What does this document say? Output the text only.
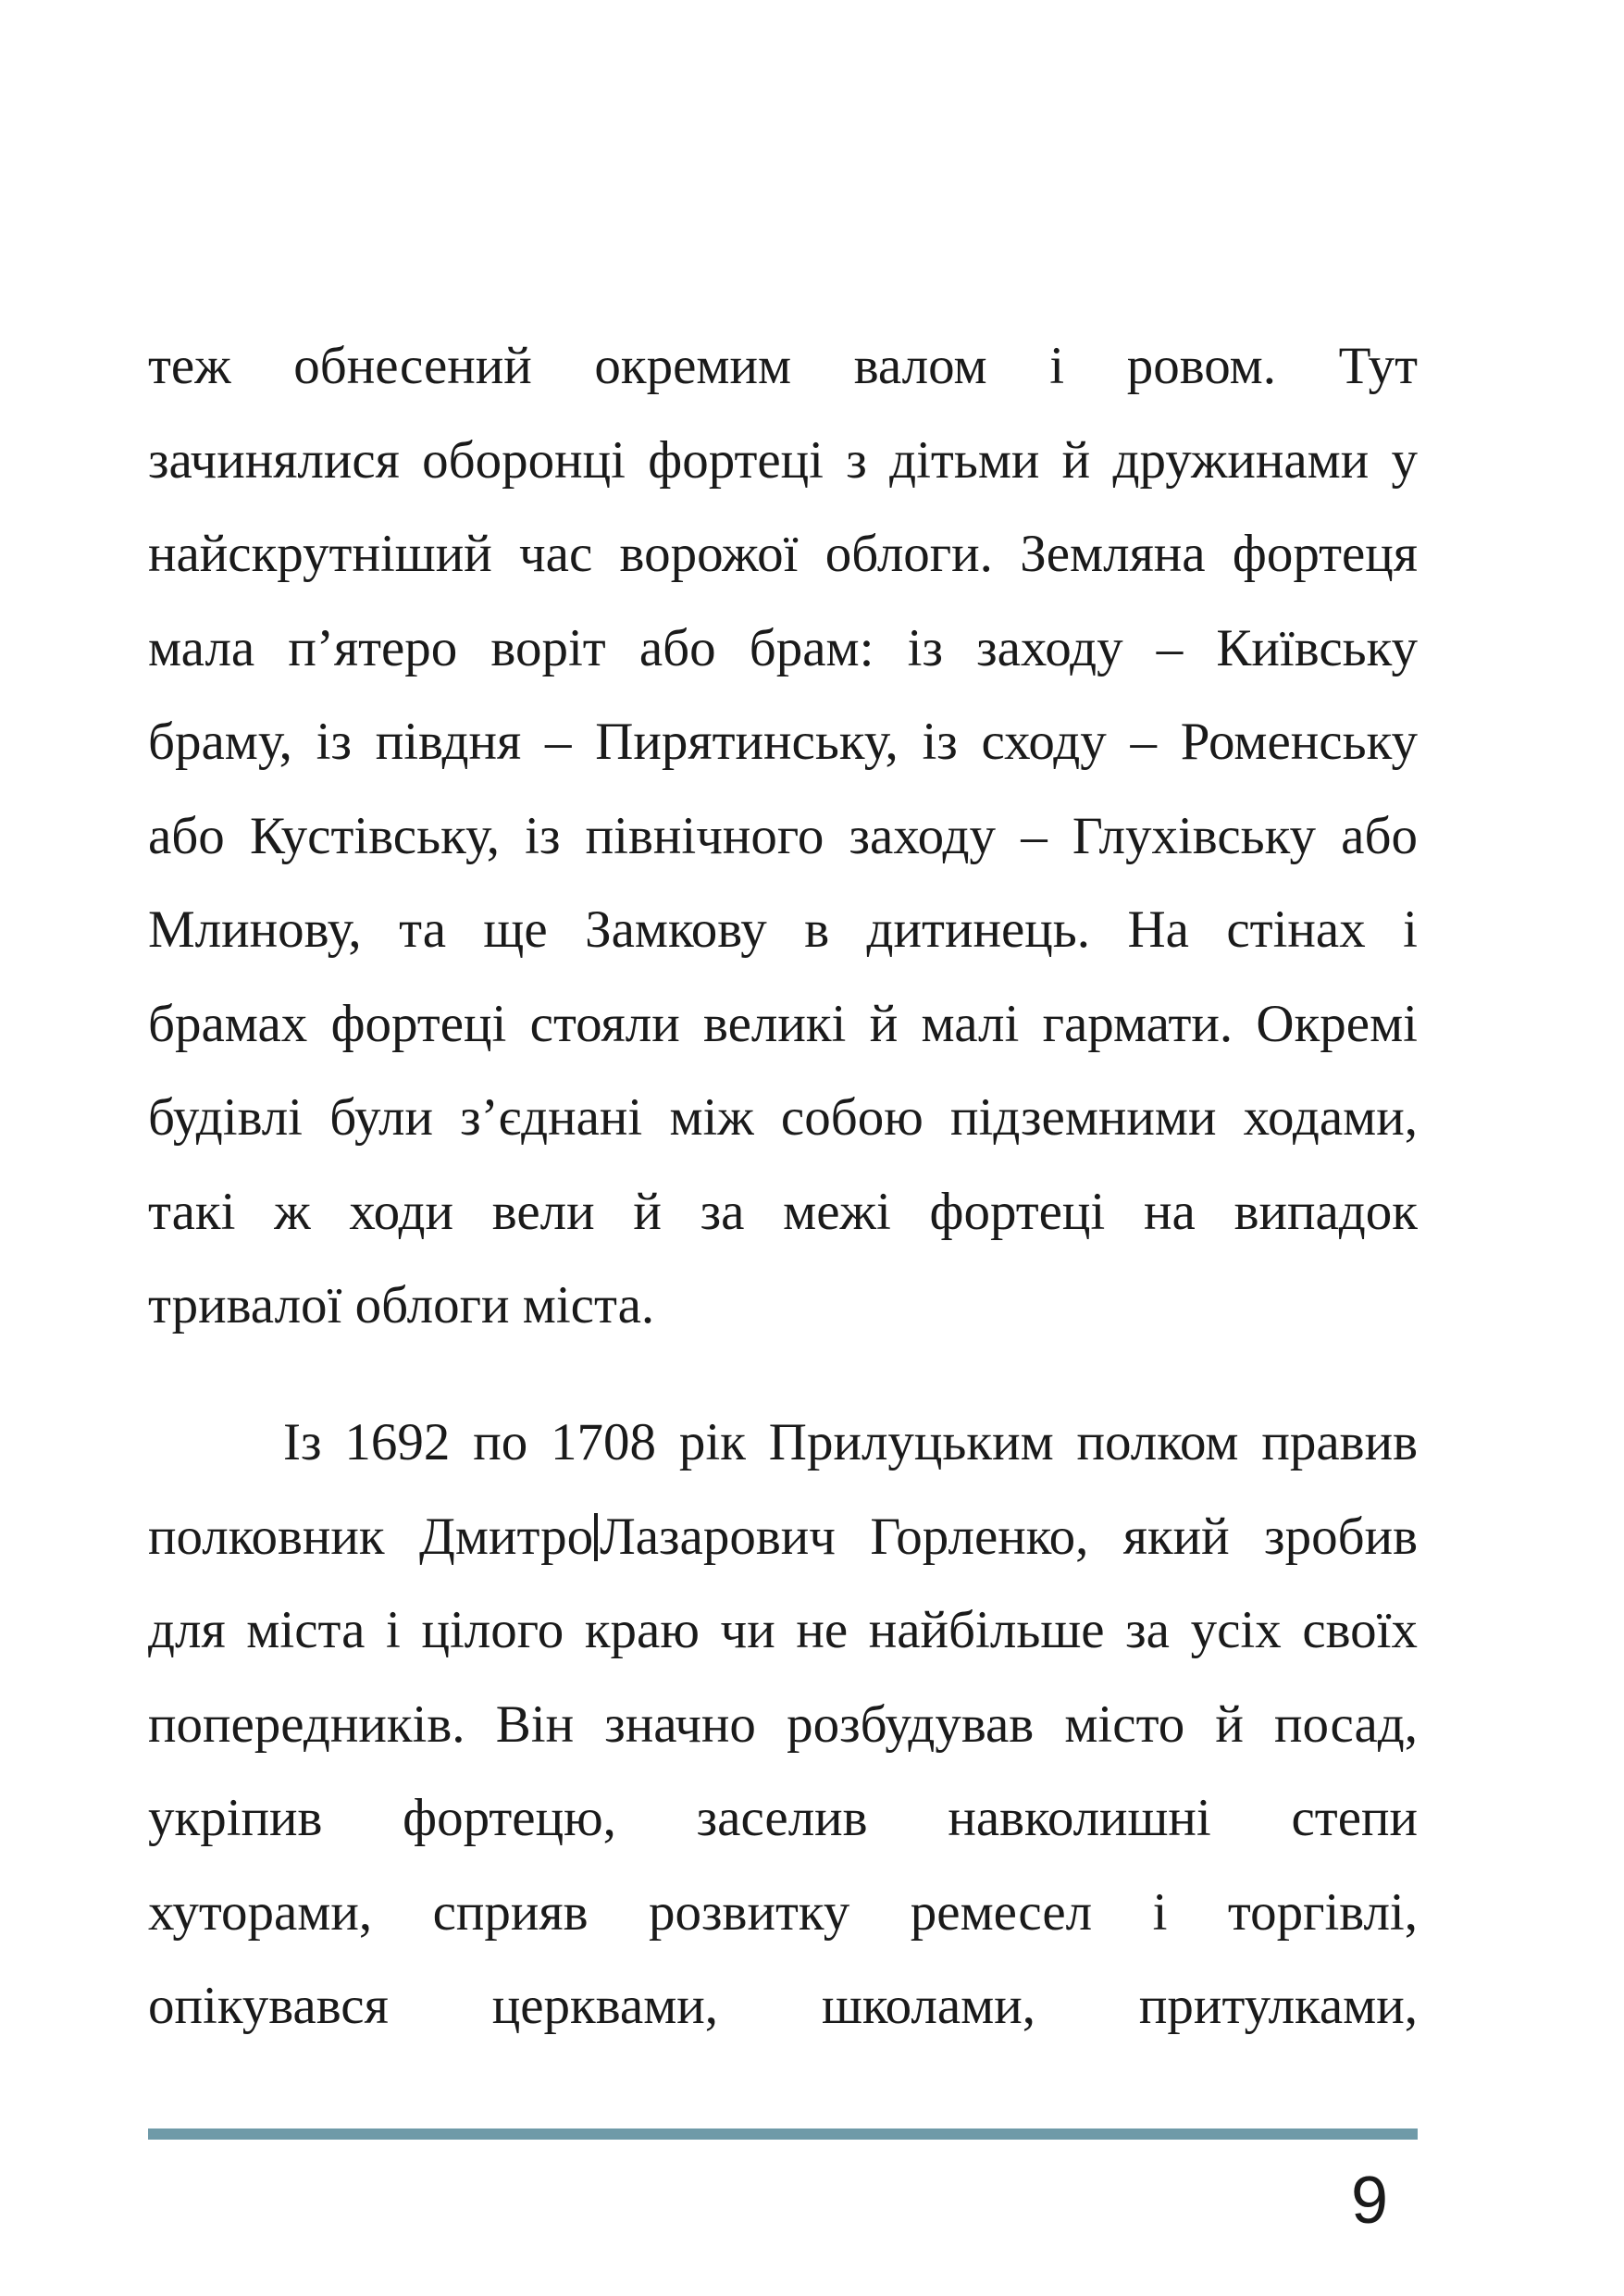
теж обнесений окремим валом і ровом. Тут
зачинялися оборонці фортеці з дітьми й дружинами у
найскрутніший час ворожої облоги. Земляна фортеця
мала п’ятеро воріт або брам: із заходу – Київську
браму, із півдня – Пирятинську, із сходу – Роменську
або Кустівську, із північного заходу – Глухівську або
Млинову, та ще Замкову в дитинець. На стінах і
брамах фортеці стояли великі й малі гармати. Окремі
будівлі були з’єднані між собою підземними ходами,
такі ж ходи вели й за межі фортеці на випадок
тривалої облоги міста.
Із 1692 по 1708 рік Прилуцьким полком правив
полковник Дмитро Лазарович Горленко, який зробив
для міста і цілого краю чи не найбільше за усіх своїх
попередників. Він значно розбудував місто й посад,
укріпив фортецю, заселив навколишні степи
хуторами, сприяв розвитку ремесел і торгівлі,
опікувався церквами, школами, притулками,
9
